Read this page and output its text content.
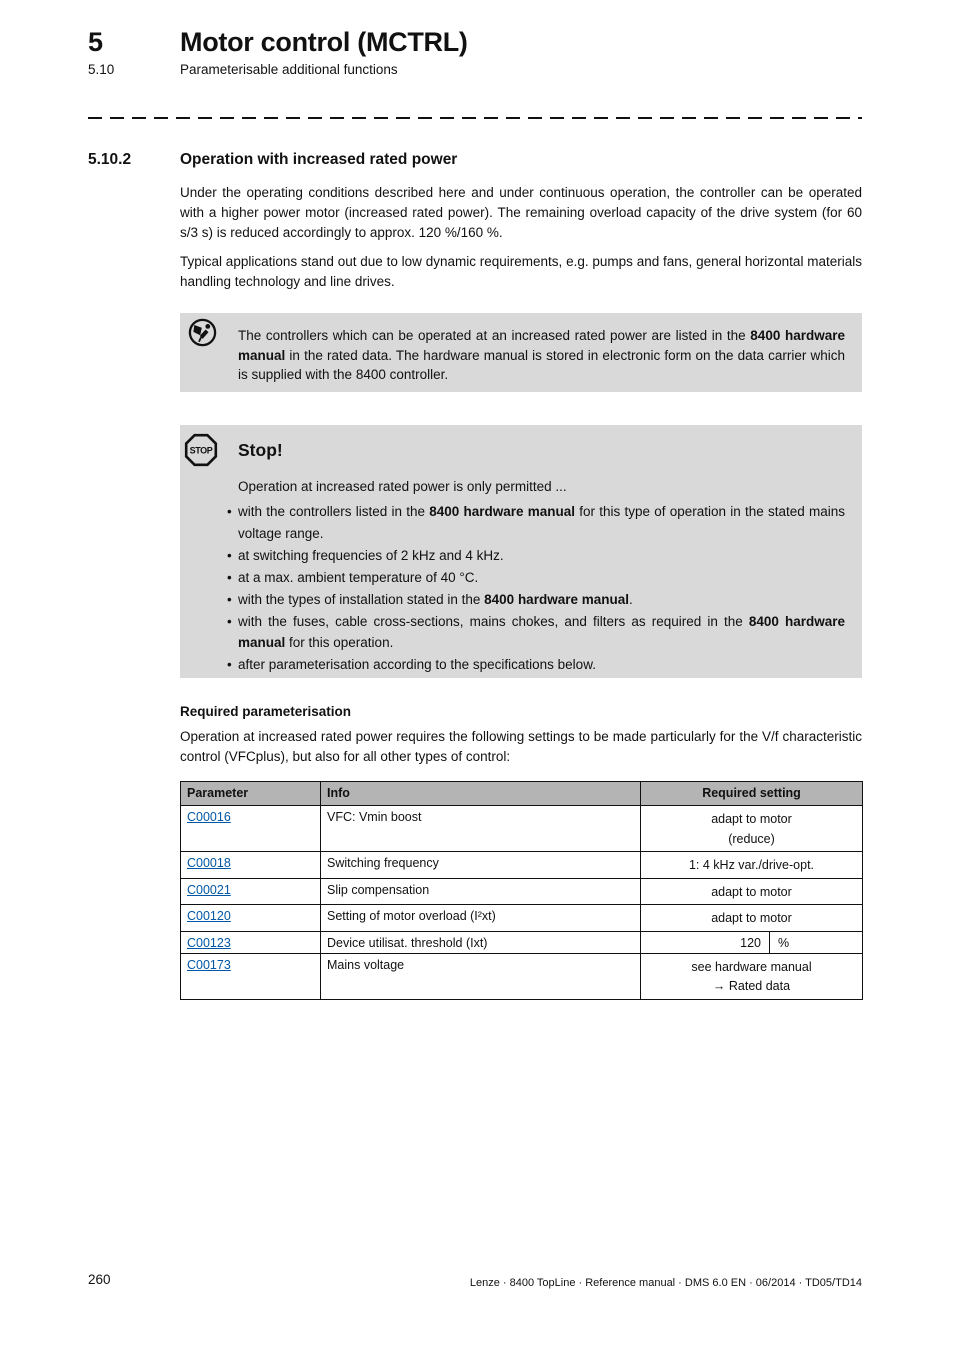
5	Motor control (MCTRL)
5.10	Parameterisable additional functions
5.10.2	Operation with increased rated power

Under the operating conditions described here and under continuous operation, the controller can be operated with a higher power motor (increased rated power). The remaining overload capacity of the drive system (for 60 s/3 s) is reduced accordingly to approx. 120 %/160 %.

Typical applications stand out due to low dynamic requirements, e.g. pumps and fans, general horizontal materials handling technology and line drives.

The controllers which can be operated at an increased rated power are listed in the 8400 hardware manual in the rated data. The hardware manual is stored in electronic form on the data carrier which is supplied with the 8400 controller.
STOP Stop!

Operation at increased rated power is only permitted ...

• with the controllers listed in the 8400 hardware manual for this type of operation in the stated mains voltage range.
• at switching frequencies of 2 kHz and 4 kHz.
• at a max. ambient temperature of 40 °C.
• with the types of installation stated in the 8400 hardware manual.
• with the fuses, cable cross-sections, mains chokes, and filters as required in the 8400 hardware manual for this operation.
• after parameterisation according to the specifications below.
Required parameterisation

Operation at increased rated power requires the following settings to be made particularly for the V/f characteristic control (VFCplus), but also for all other types of control:

Parameter	Info	Required setting
C00016	VFC: Vmin boost	adapt to motor
(reduce)

C00018	Switching frequency	1: 4 kHz var./drive-opt.
C00021	Slip compensation	adapt to motor
C00120	Setting of motor overload (I²xt)	adapt to motor
C00123	Device utilisat. threshold (Ixt)	120 %

C00173	Mains voltage	see hardware manual
→ Rated data
260	Lenze · 8400 TopLine · Reference manual · DMS 6.0 EN · 06/2014 · TD05/TD14
